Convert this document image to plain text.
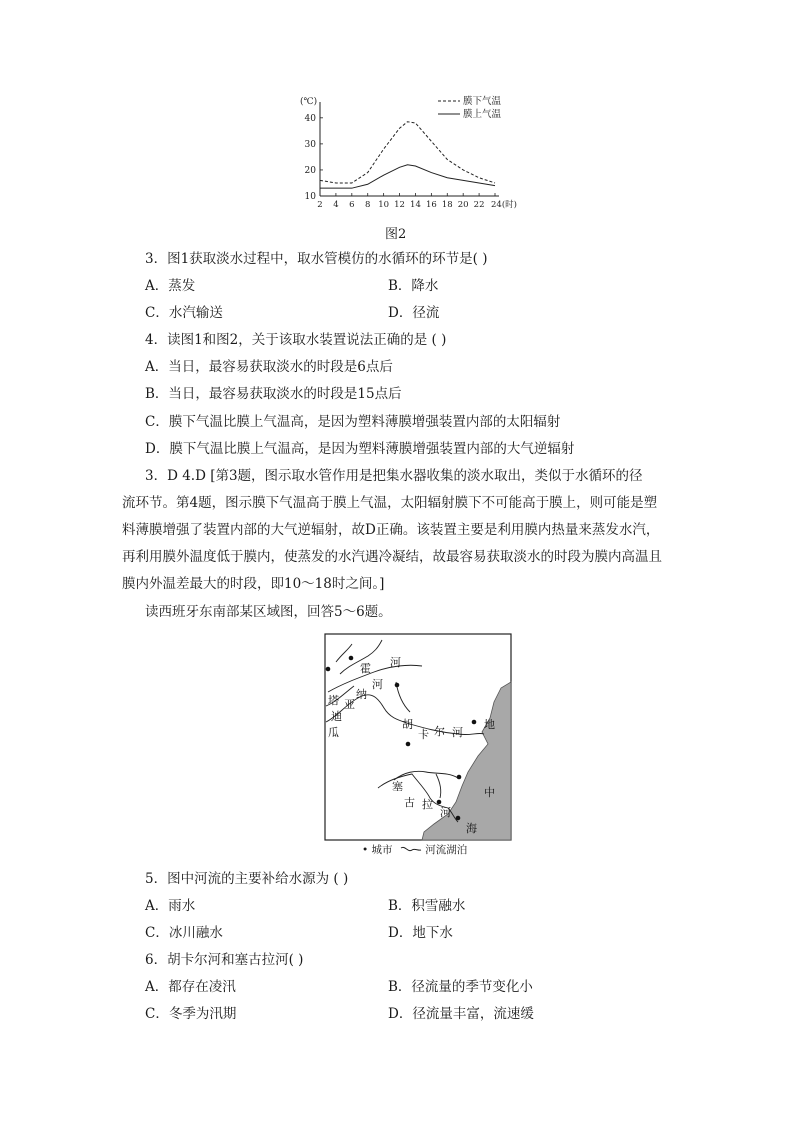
(℃)
10
20
30
40
2 4 6 8 10 12 14 16 18 20 22 24(时)
膜下气温
膜上气温
图2
3．图1获取淡水过程中，取水管模仿的水循环的环节是( )
A．蒸发	B．降水
C．水汽输送	D．径流
4．读图1和图2，关于该取水装置说法正确的是 ( )
A．当日，最容易获取淡水的时段是6点后
B．当日，最容易获取淡水的时段是15点后
C．膜下气温比膜上气温高，是因为塑料薄膜增强装置内部的太阳辐射
D．膜下气温比膜上气温高，是因为塑料薄膜增强装置内部的大气逆辐射
3．D 4.D [第3题，图示取水管作用是把集水器收集的淡水取出，类似于水循环的径
流环节。第4题，图示膜下气温高于膜上气温，太阳辐射膜下不可能高于膜上，则可能是塑
料薄膜增强了装置内部的大气逆辐射，故D正确。该装置主要是利用膜内热量来蒸发水汽，
再利用膜外温度低于膜内，使蒸发的水汽遇冷凝结，故最容易获取淡水的时段为膜内高温且
膜内外温差最大的时段，即10～18时之间。]
读西班牙东南部某区域图，回答5～6题。
霍 河
塔 亚
迪
瓜
纳
河
胡
卡 尔 河
塞
古 拉
河
地
中
海
• 城市	河流湖泊
5．图中河流的主要补给水源为 ( )
A．雨水	B．积雪融水
C．冰川融水	D．地下水
6．胡卡尔河和塞古拉河( )
A．都存在凌汛	B．径流量的季节变化小
C．冬季为汛期	D．径流量丰富，流速缓
